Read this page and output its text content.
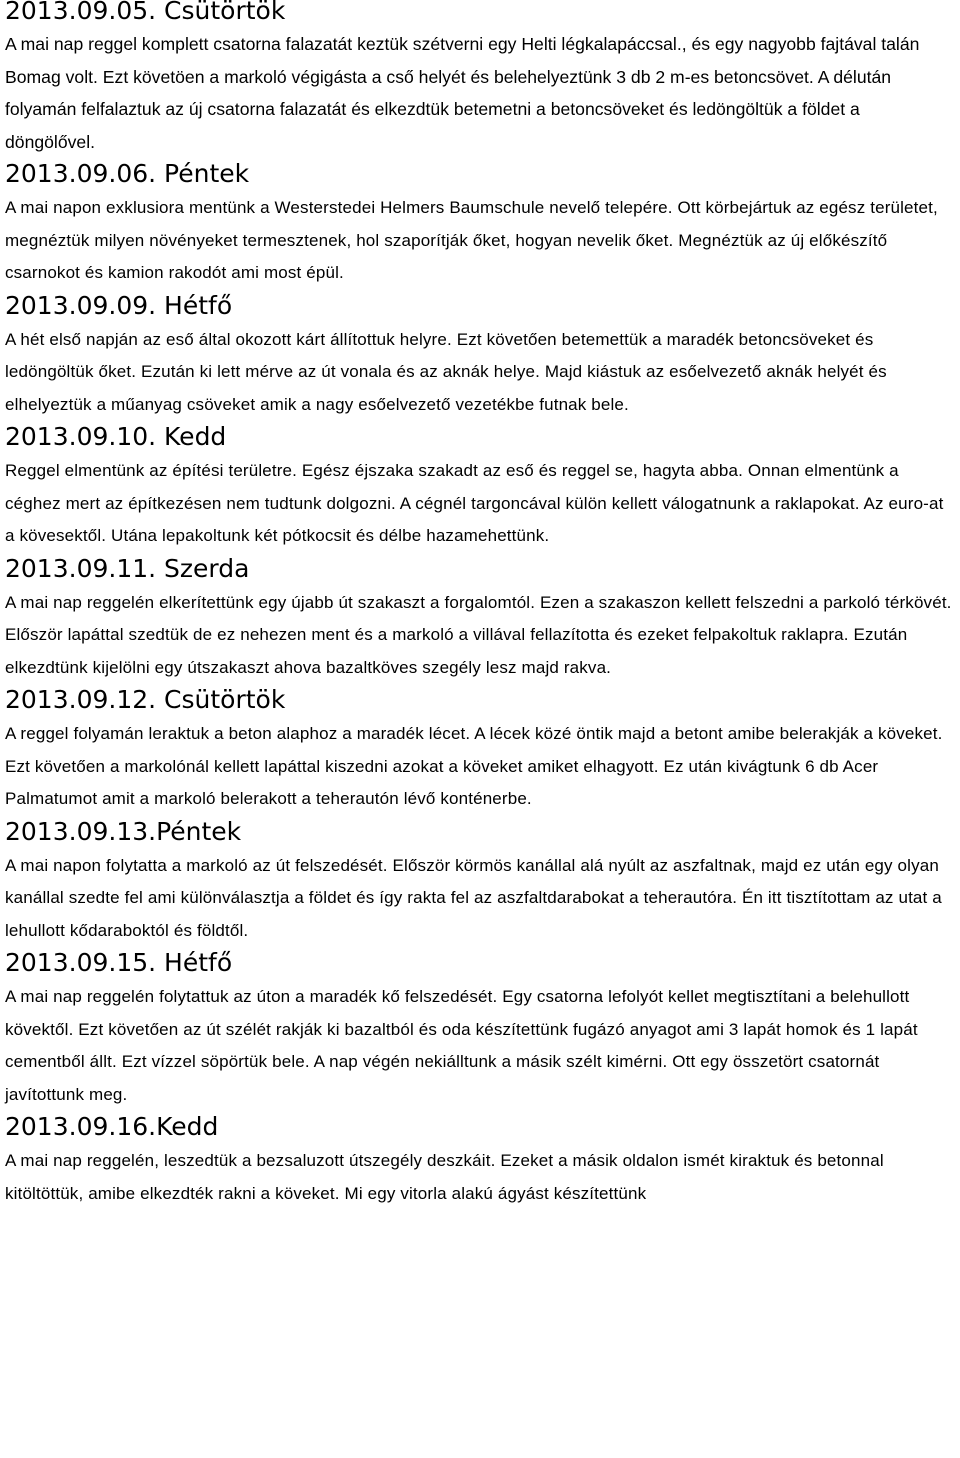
2013.09.05. Csütörtök

A mai nap reggel komplett csatorna falazatát keztük szétverni egy Helti légkalapáccsal., és egy nagyobb fajtával talán Bomag volt. Ezt követöen a markoló végigásta a cső helyét és belehelyeztünk 3 db 2 m-es betoncsövet. A délután folyamán felfalaztuk az új csatorna falazatát és elkezdtük betemetni a betoncsöveket és ledöngöltük a földet a döngölővel.

2013.09.06. Péntek

A mai napon exklusiora mentünk a Westerstedei Helmers Baumschule nevelő telepére. Ott körbejártuk az egész területet, megnéztük milyen növényeket termesztenek, hol szaporítják őket, hogyan nevelik őket. Megnéztük az új előkészítő csarnokot és kamion rakodót ami most épül.

2013.09.09. Hétfő

A hét első napján az eső által okozott kárt állítottuk helyre. Ezt követően betemettük a maradék betoncsöveket és ledöngöltük őket. Ezután ki lett mérve az út vonala és az aknák helye. Majd kiástuk az esőelvezető aknák helyét és elhelyeztük a műanyag csöveket amik a nagy esőelvezető vezetékbe futnak bele.

2013.09.10. Kedd

Reggel elmentünk az építési területre. Egész éjszaka szakadt az eső és reggel se, hagyta abba. Onnan elmentünk a céghez mert az építkezésen nem tudtunk dolgozni. A cégnél targoncával külön kellett válogatnunk a raklapokat. Az euro-at a kövesektől. Utána lepakoltunk két pótkocsit és délbe hazamehettünk.

2013.09.11. Szerda

A mai nap reggelén elkerítettünk egy újabb út szakaszt a forgalomtól. Ezen a szakaszon kellett felszedni a parkoló térkövét. Először lapáttal szedtük de ez nehezen ment és a markoló a villával fellazította és ezeket felpakoltuk raklapra. Ezután elkezdtünk kijelölni egy útszakaszt ahova bazaltköves szegély lesz majd rakva.

2013.09.12. Csütörtök

A reggel folyamán leraktuk a beton alaphoz a maradék lécet. A lécek közé öntik majd a betont amibe belerakják a köveket. Ezt követően a markolónál kellett lapáttal kiszedni azokat a köveket amiket elhagyott. Ez után kivágtunk 6 db Acer Palmatumot amit a markoló belerakott a teherautón lévő konténerbe.

2013.09.13.Péntek

A mai napon folytatta a markoló az út felszedését. Először körmös kanállal alá nyúlt az aszfaltnak, majd ez után egy olyan kanállal szedte fel ami különválasztja a földet és így rakta fel az aszfaltdarabokat a teherautóra. Én itt tisztítottam az utat a lehullott kődaraboktól és földtől.

2013.09.15. Hétfő

A mai nap reggelén folytattuk az úton a maradék kő felszedését. Egy csatorna lefolyót kellet megtisztítani a belehullott kövektől. Ezt követően az út szélét rakják ki bazaltból és oda készítettünk fugázó anyagot ami 3 lapát homok és 1 lapát cementből állt. Ezt vízzel söpörtük bele. A nap végén nekiálltunk a másik szélt kimérni. Ott egy összetört csatornát javítottunk meg.

2013.09.16.Kedd

A mai nap reggelén, leszedtük a bezsaluzott útszegély deszkáit. Ezeket a másik oldalon ismét kiraktuk és betonnal kitöltöttük, amibe elkezdték rakni a köveket. Mi egy vitorla alakú ágyást készítettünk
